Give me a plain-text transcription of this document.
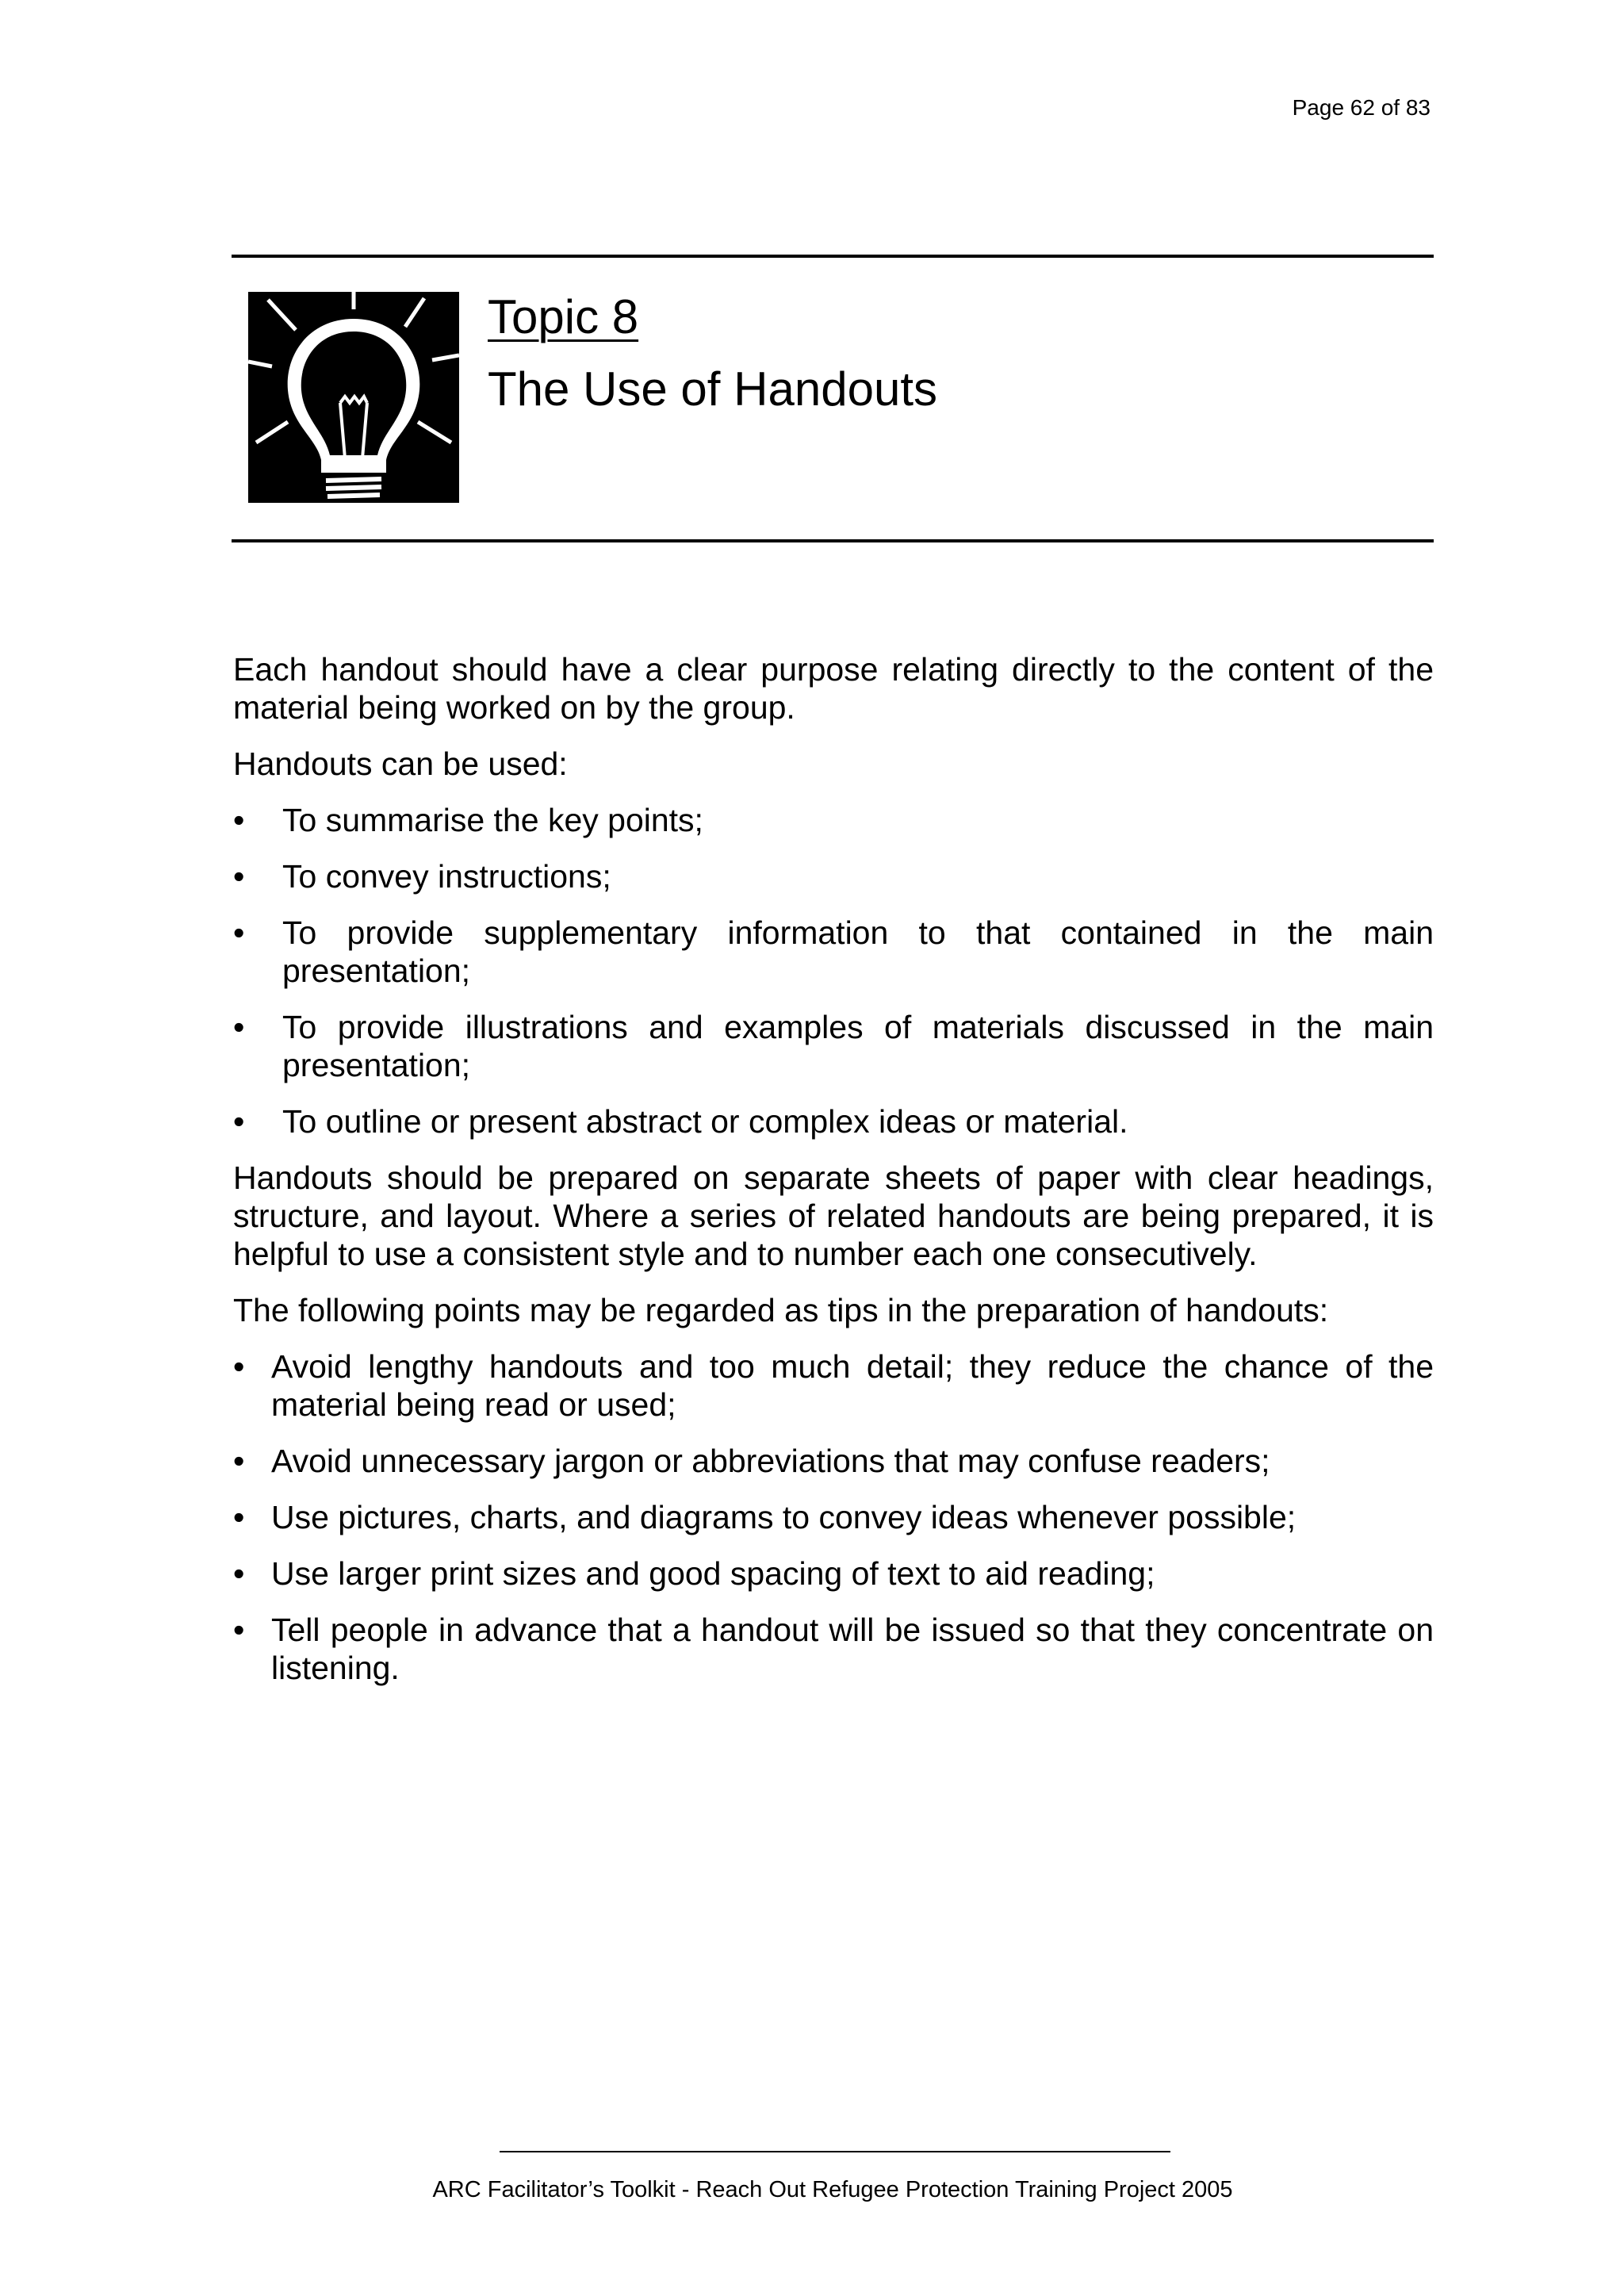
Page 62 of 83
Topic 8
The Use of Handouts

Each handout should have a clear purpose relating directly to the content of the material being worked on by the group.

Handouts can be used:

•	To summarise the key points;
•	To convey instructions;
•	To provide supplementary information to that contained in the main presentation;
•	To provide illustrations and examples of materials discussed in the main presentation;
•	To outline or present abstract or complex ideas or material.

Handouts should be prepared on separate sheets of paper with clear headings, structure, and layout. Where a series of related handouts are being prepared, it is helpful to use a consistent style and to number each one consecutively.

The following points may be regarded as tips in the preparation of handouts:

• Avoid lengthy handouts and too much detail; they reduce the chance of the material being read or used;
• Avoid unnecessary jargon or abbreviations that may confuse readers;
• Use pictures, charts, and diagrams to convey ideas whenever possible;
• Use larger print sizes and good spacing of text to aid reading;
• Tell people in advance that a handout will be issued so that they concentrate on listening.
ARC Facilitator’s Toolkit - Reach Out Refugee Protection Training Project 2005
